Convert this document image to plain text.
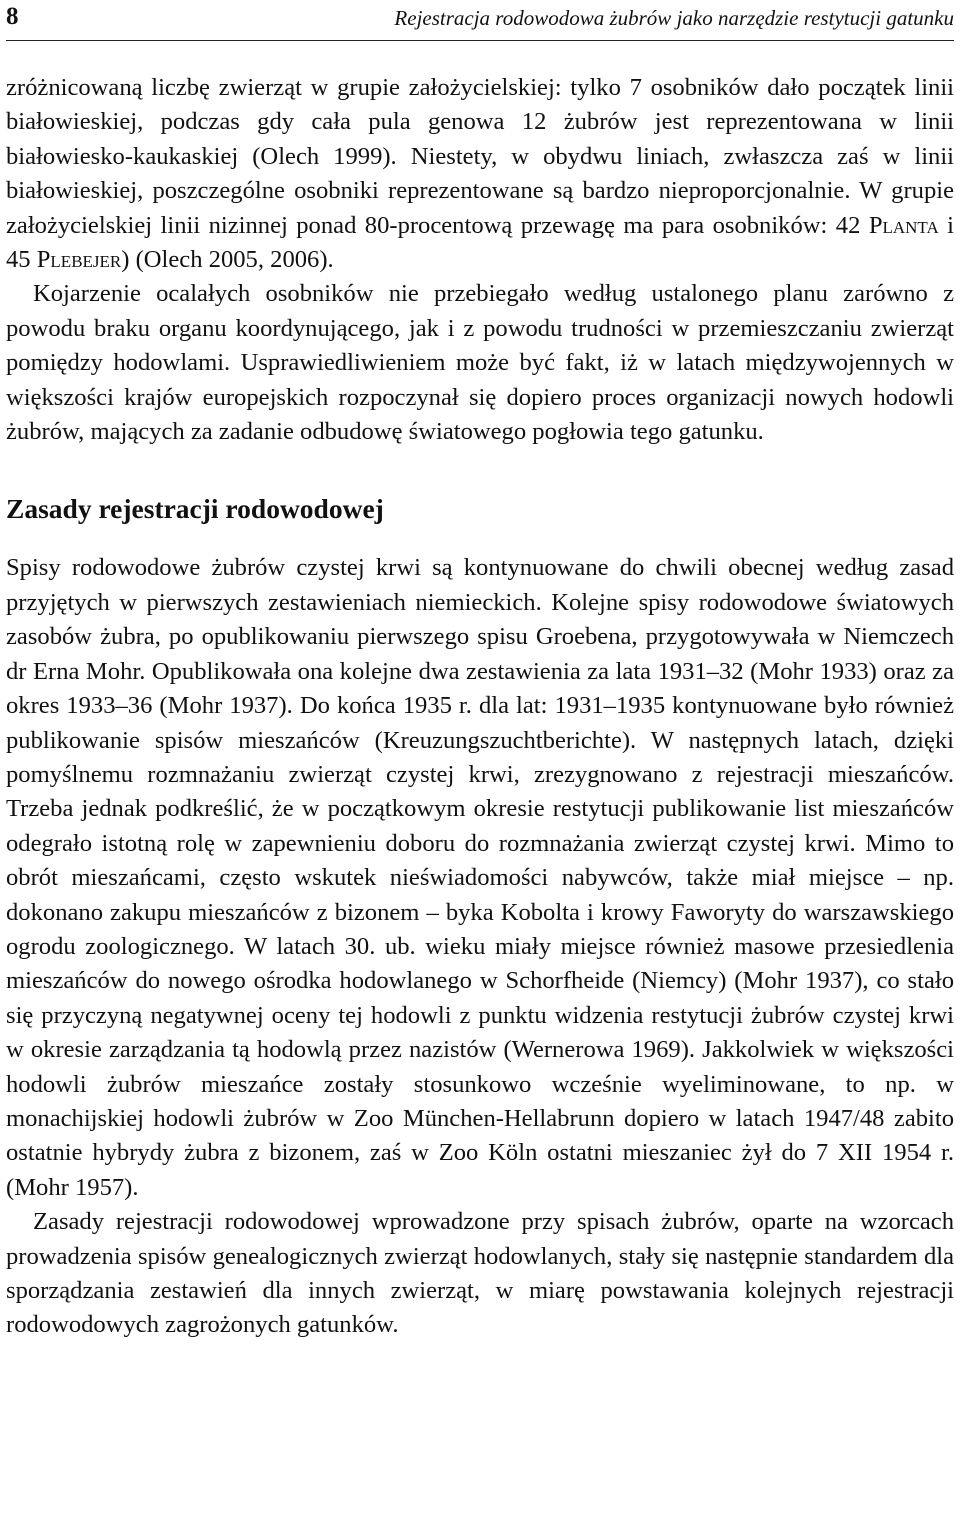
8	Rejestracja rodowodowa żubrów jako narzędzie restytucji gatunku

zróżnicowaną liczbę zwierząt w grupie założycielskiej: tylko 7 osobników dało początek linii białowieskiej, podczas gdy cała pula genowa 12 żubrów jest reprezentowana w linii białowiesko-kaukaskiej (Olech 1999). Niestety, w obydwu liniach, zwłaszcza zaś w linii białowieskiej, poszczególne osobniki reprezentowane są bardzo nieproporcjonalnie. W grupie założycielskiej linii nizinnej ponad 80-procentową przewagę ma para osobników: 42 Planta i 45 Plebejer) (Olech 2005, 2006).

Kojarzenie ocalałych osobników nie przebiegało według ustalonego planu zarówno z powodu braku organu koordynującego, jak i z powodu trudności w przemieszczaniu zwierząt pomiędzy hodowlami. Usprawiedliwieniem może być fakt, iż w latach międzywojennych w większości krajów europejskich rozpoczynał się dopiero proces organizacji nowych hodowli żubrów, mających za zadanie odbudowę światowego pogłowia tego gatunku.

Zasady rejestracji rodowodowej

Spisy rodowodowe żubrów czystej krwi są kontynuowane do chwili obecnej według zasad przyjętych w pierwszych zestawieniach niemieckich. Kolejne spisy rodowodowe światowych zasobów żubra, po opublikowaniu pierwszego spisu Groebena, przygotowywała w Niemczech dr Erna Mohr. Opublikowała ona kolejne dwa zestawienia za lata 1931–32 (Mohr 1933) oraz za okres 1933–36 (Mohr 1937). Do końca 1935 r. dla lat: 1931–1935 kontynuowane było również publikowanie spisów mieszańców (Kreuzungszuchtberichte). W następnych latach, dzięki pomyślnemu rozmnażaniu zwierząt czystej krwi, zrezygnowano z rejestracji mieszańców. Trzeba jednak podkreślić, że w początkowym okresie restytucji publikowanie list mieszańców odegrało istotną rolę w zapewnieniu doboru do rozmnażania zwierząt czystej krwi. Mimo to obrót mieszańcami, często wskutek nieświadomości nabywców, także miał miejsce – np. dokonano zakupu mieszańców z bizonem – byka Kobolta i krowy Faworyty do warszawskiego ogrodu zoologicznego. W latach 30. ub. wieku miały miejsce również masowe przesiedlenia mieszańców do nowego ośrodka hodowlanego w Schorfheide (Niemcy) (Mohr 1937), co stało się przyczyną negatywnej oceny tej hodowli z punktu widzenia restytucji żubrów czystej krwi w okresie zarządzania tą hodowlą przez nazistów (Wernerowa 1969). Jakkolwiek w większości hodowli żubrów mieszańce zostały stosunkowo wcześnie wyeliminowane, to np. w monachijskiej hodowli żubrów w Zoo München-Hellabrunn dopiero w latach 1947/48 zabito ostatnie hybrydy żubra z bizonem, zaś w Zoo Köln ostatni mieszaniec żył do 7 XII 1954 r. (Mohr 1957).

Zasady rejestracji rodowodowej wprowadzone przy spisach żubrów, oparte na wzorcach prowadzenia spisów genealogicznych zwierząt hodowlanych, stały się następnie standardem dla sporządzania zestawień dla innych zwierząt, w miarę powstawania kolejnych rejestracji rodowodowych zagrożonych gatunków.
